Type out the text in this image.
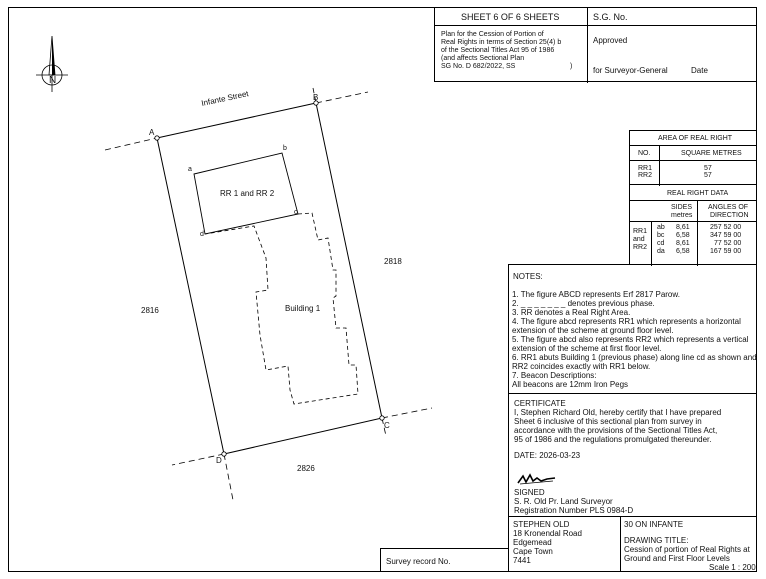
N
Infante Street
A
B
C
D
a
b
c
d
RR 1 and RR 2
Building 1
2816
2818
2826
SHEET 6 OF 6 SHEETS	S.G. No.
Plan for the Cession of Portion of
Real Rights in terms of Section 25(4) b
of the Sectional Titles Act 95 of 1986
(and affects Sectional Plan
SG No. D 682/2022, SS	)
Approved
for Surveyor-General	Date
AREA OF REAL RIGHT
NO.	SQUARE METRES
RR1	57
RR2	57
REAL RIGHT DATA
SIDES
metres
ANGLES OF
DIRECTION
RR1
and
RR2
ab 8,61	257 52 00
bc 6,58	347 59 00
cd 8,61	77 52 00
da 6,58	167 59 00
NOTES:
1. The figure ABCD represents Erf 2817 Parow.
2. _ _ _ _ _ _ _ denotes previous phase.
3. RR denotes a Real Right Area.
4. The figure abcd represents RR1 which represents a horizontal
extension of the scheme at ground floor level.
5. The figure abcd also represents RR2 which represents a vertical
extension of the scheme at first floor level.
6. RR1 abuts Building 1 (previous phase) along line cd as shown and
RR2 coincides exactly with RR1 below.
7. Beacon Descriptions:
All beacons are 12mm Iron Pegs
CERTIFICATE
I, Stephen Richard Old, hereby certify that I have prepared
Sheet 6 inclusive of this sectional plan from survey in
accordance with the provisions of the Sectional Titles Act,
95 of 1986 and the regulations promulgated thereunder.
DATE: 2026-03-23
SIGNED
S. R. Old Pr. Land Surveyor
Registration Number PLS 0984-D
STEPHEN OLD
18 Kronendal Road
Edgemead
Cape Town
7441
30 ON INFANTE
DRAWING TITLE:
Cession of portion of Real Rights at
Ground and First Floor Levels
Scale 1 : 200
Survey record No.
